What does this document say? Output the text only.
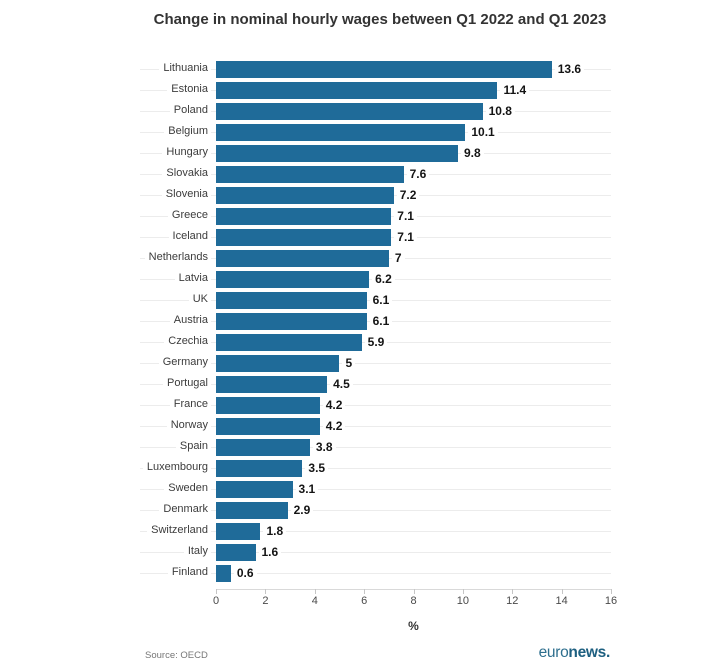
Change in nominal hourly wages between Q1 2022 and Q1 2023
Lithuania	13.6
Estonia	11.4
Poland	10.8
Belgium	10.1
Hungary	9.8
Slovakia	7.6
Slovenia	7.2
Greece	7.1
Iceland	7.1
Netherlands	7
Latvia	6.2
UK	6.1
Austria	6.1
Czechia	5.9
Germany	5
Portugal	4.5
France	4.2
Norway	4.2
Spain	3.8
Luxembourg	3.5
Sweden	3.1
Denmark	2.9
Switzerland	1.8
Italy	1.6
Finland 0.6
0	2	4	6	8	10	12	14	16
%
Source: OECD	euronews.
